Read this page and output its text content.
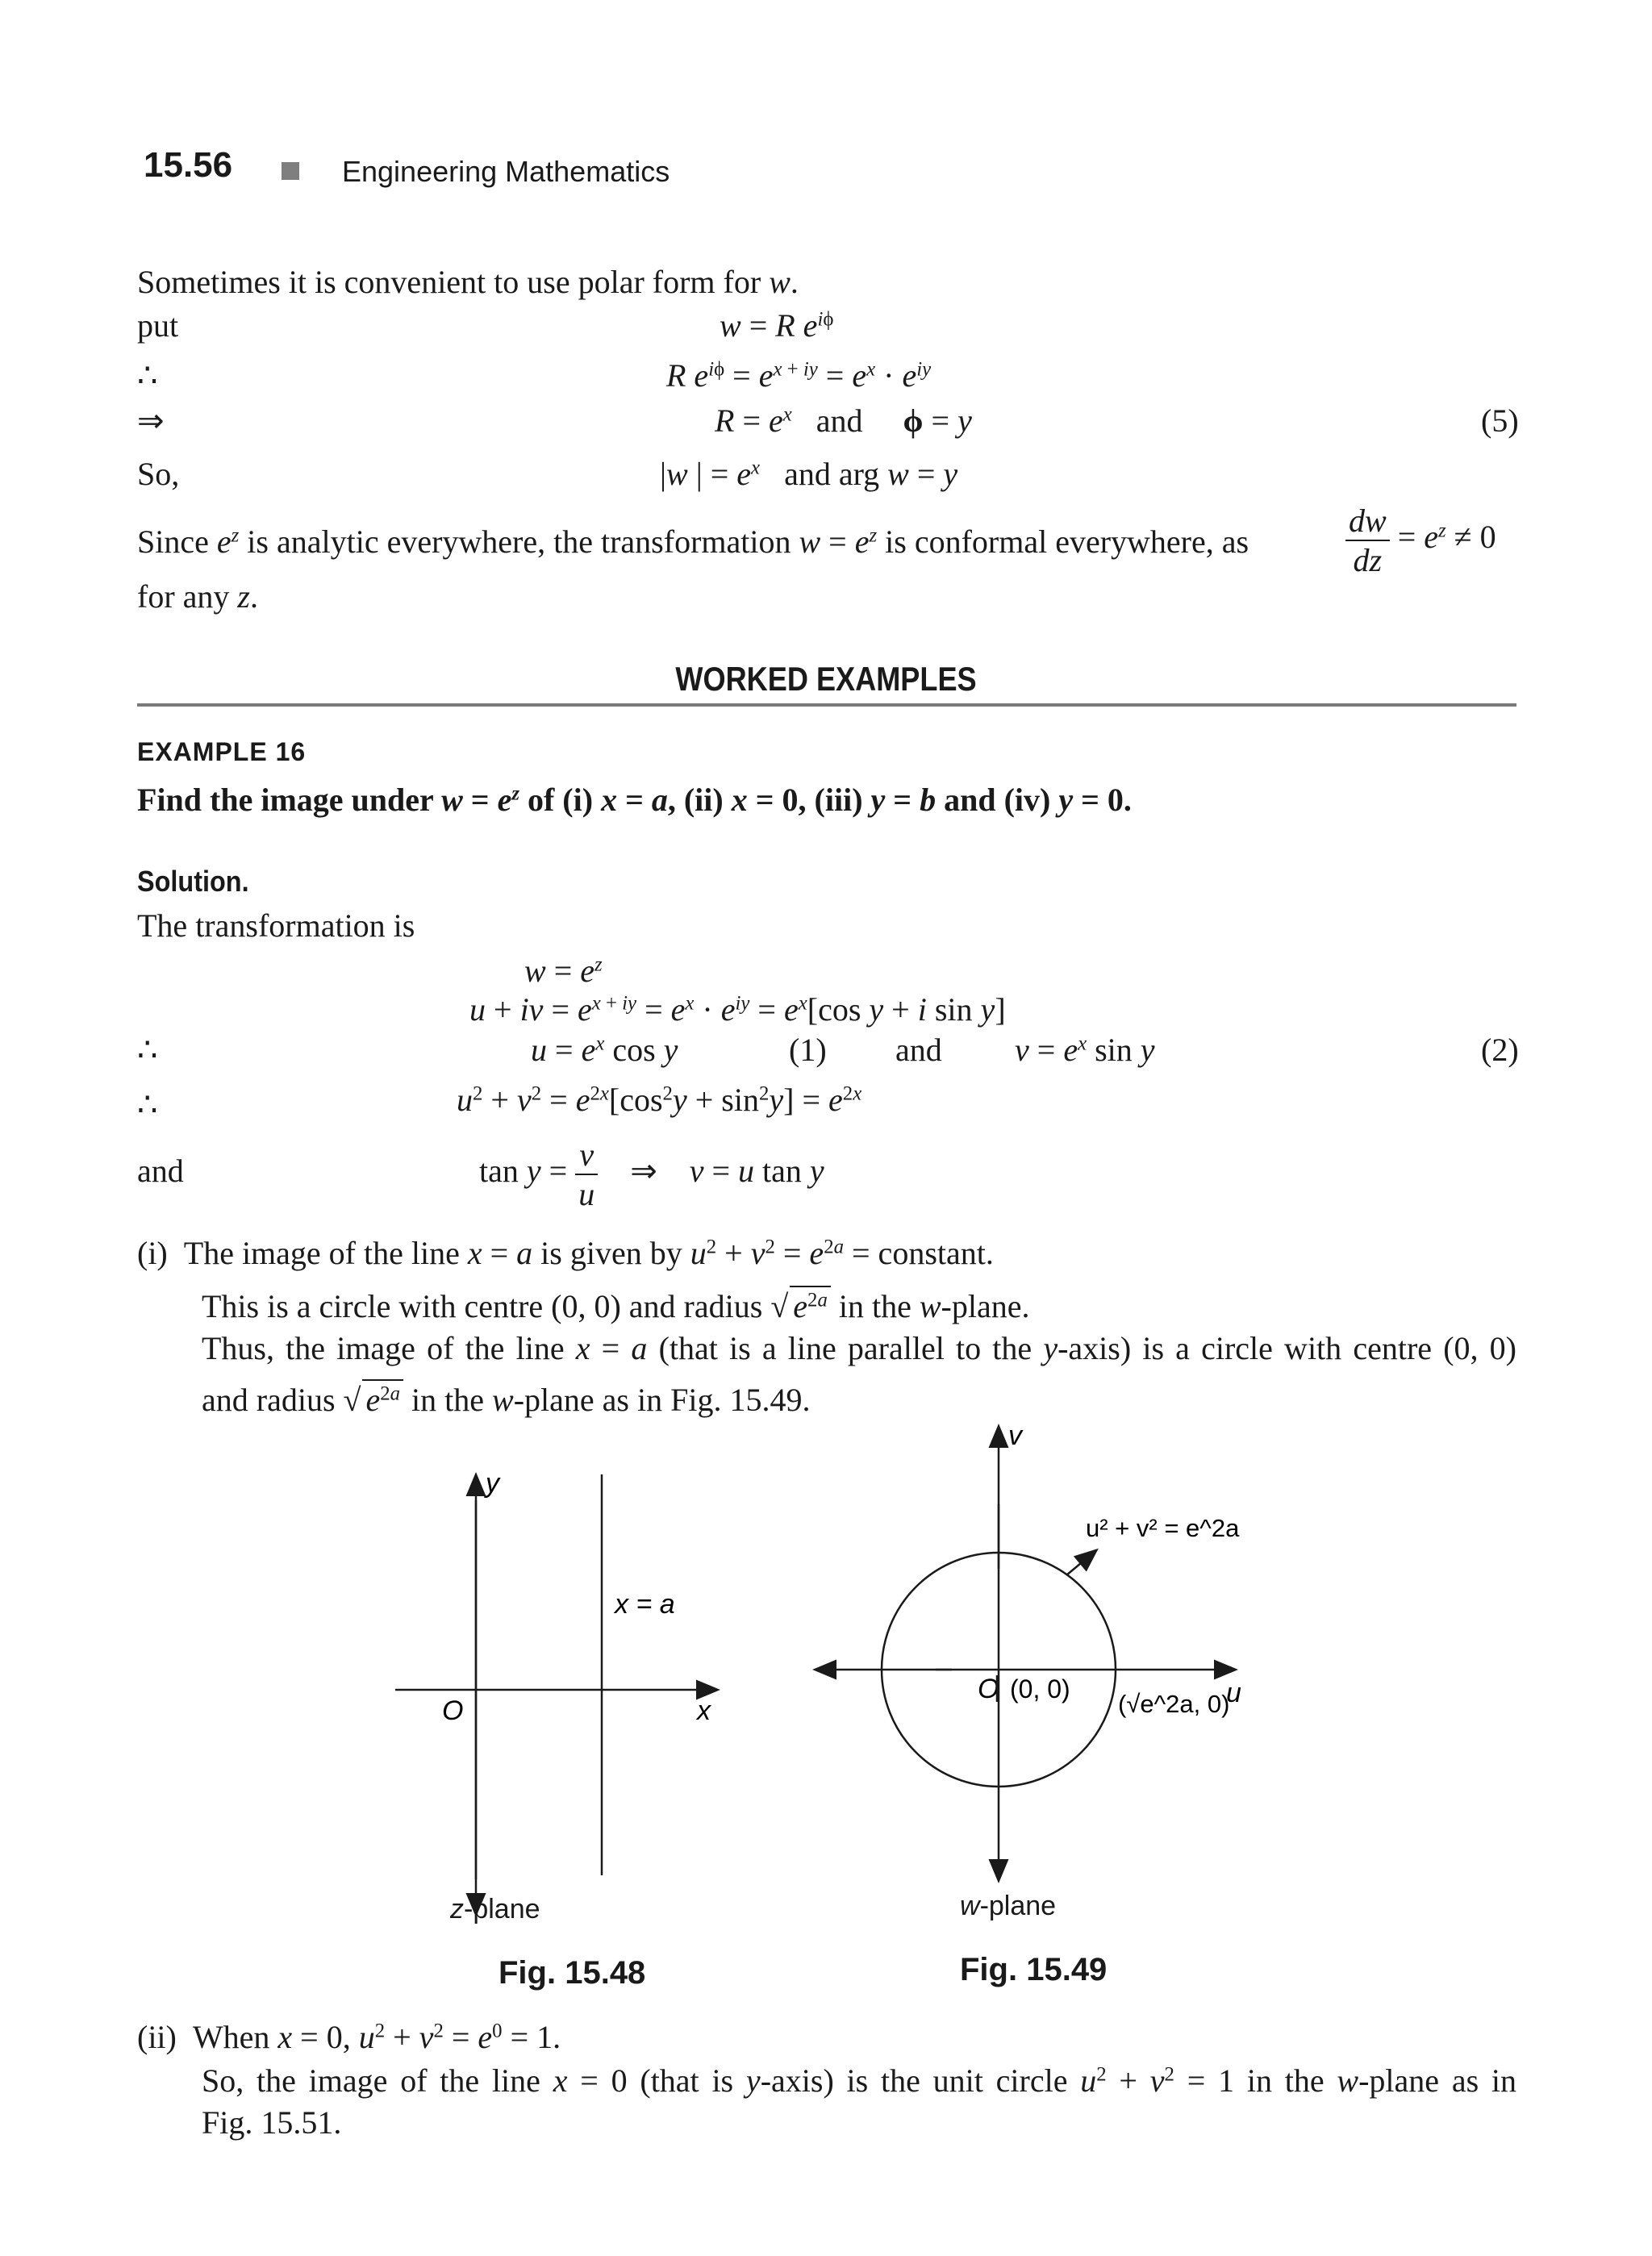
15.56	Engineering Mathematics
Sometimes it is convenient to use polar form for w.
put	w = R $e^{i\phi}$
∴	R $e^{i\phi} = e^{x + iy} = e^x \cdot e^{iy}$
⇒	$R = e^x$   and     ϕ = y	(5)
So,	|w | = $e^x$   and arg w = y
Since $e^z$ is analytic everywhere, the transformation $w = e^z$ is conformal everywhere, as	$\frac{dw}{dz} = e^z \ne 0$
for any z.
WORKED EXAMPLES
EXAMPLE 16
Find the image under $w = e^z$ of (i) x = a, (ii) x = 0, (iii) y = b and (iv) y = 0.
Solution.
The transformation is
$w = e^z$
u + iv = $e^{x + iy} = e^x \cdot e^{iy} = e^x[\cos$ y + i sin y]
∴	$u = e^x$ cos y	(1) and $v = e^x$ sin y	(2)
∴	$u^2 + v^2 = e^{2x}[\cos^2y + \sin^2y] = e^{2x}$
and	$\tan y = \frac{v}{u}$ ⇒    v = u tan y
(i)  The image of the line x = a is given by $u^2 + v^2 = e^{2a}$ = constant.
This is a circle with centre (0, 0) and radius √ $e^{2a}$ in the w-plane.
Thus, the image of the line x = a (that is a line parallel to the y-axis) is a circle with centre (0, 0)
and radius √ $e^{2a}$ in the w-plane as in Fig. 15.49.
y
O	x
x = a
z-plane
Fig. 15.48
v
u
O (0, 0)
u² + v² = e^2a
(√e^2a, 0)
w-plane
Fig. 15.49
(ii)  When x = 0, $u^2 + v^2 = e^0 = 1$.
So, the image of the line x = 0 (that is y-axis) is the unit circle $u^2 + v^2 = 1$ in the w-plane as in
Fig. 15.51.
